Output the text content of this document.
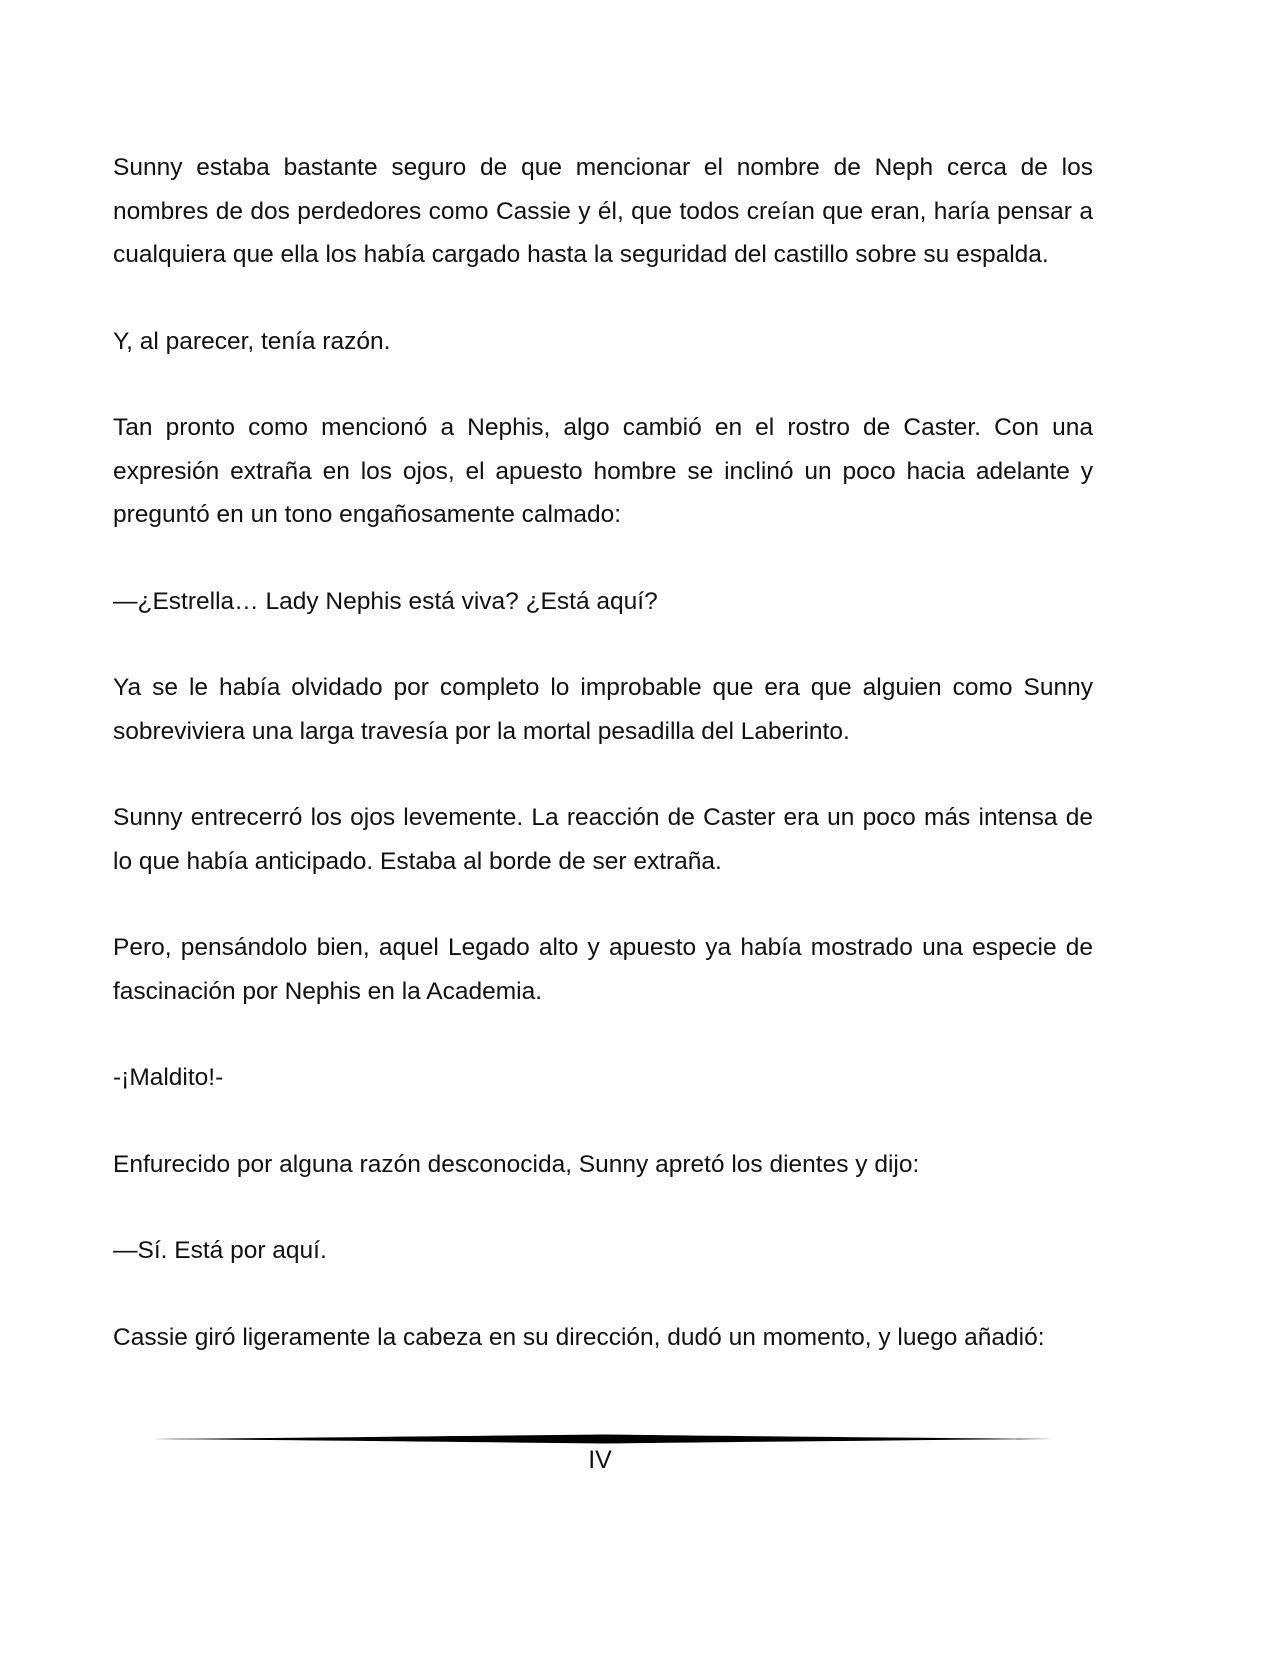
Sunny estaba bastante seguro de que mencionar el nombre de Neph cerca de los nombres de dos perdedores como Cassie y él, que todos creían que eran, haría pensar a cualquiera que ella los había cargado hasta la seguridad del castillo sobre su espalda.

Y, al parecer, tenía razón.

Tan pronto como mencionó a Nephis, algo cambió en el rostro de Caster. Con una expresión extraña en los ojos, el apuesto hombre se inclinó un poco hacia adelante y preguntó en un tono engañosamente calmado:

—¿Estrella… Lady Nephis está viva? ¿Está aquí?

Ya se le había olvidado por completo lo improbable que era que alguien como Sunny sobreviviera una larga travesía por la mortal pesadilla del Laberinto.

Sunny entrecerró los ojos levemente. La reacción de Caster era un poco más intensa de lo que había anticipado. Estaba al borde de ser extraña.

Pero, pensándolo bien, aquel Legado alto y apuesto ya había mostrado una especie de fascinación por Nephis en la Academia.

-¡Maldito!-

Enfurecido por alguna razón desconocida, Sunny apretó los dientes y dijo:

—Sí. Está por aquí.

Cassie giró ligeramente la cabeza en su dirección, dudó un momento, y luego añadió:

IV
